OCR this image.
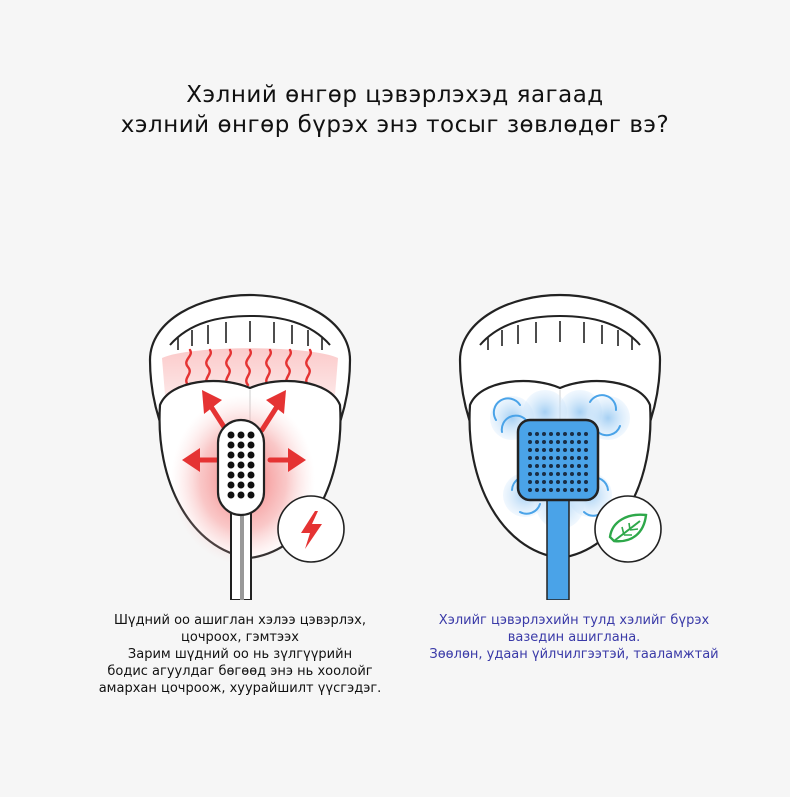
Хэлний өнгөр цэвэрлэхэд яагаад
хэлний өнгөр бүрэх энэ тосыг зөвлөдөг вэ?
Шүдний оо ашиглан хэлээ цэвэрлэх,
цочроох, гэмтээх
Зарим шүдний оо нь зүлгүүрийн
бодис агуулдаг бөгөөд энэ нь хоолойг
амархан цочроож, хуурайшилт үүсгэдэг.
Хэлийг цэвэрлэхийн тулд хэлийг бүрэх
вазедин ашиглана.
Зөөлөн, удаан үйлчилгээтэй, тааламжтай
